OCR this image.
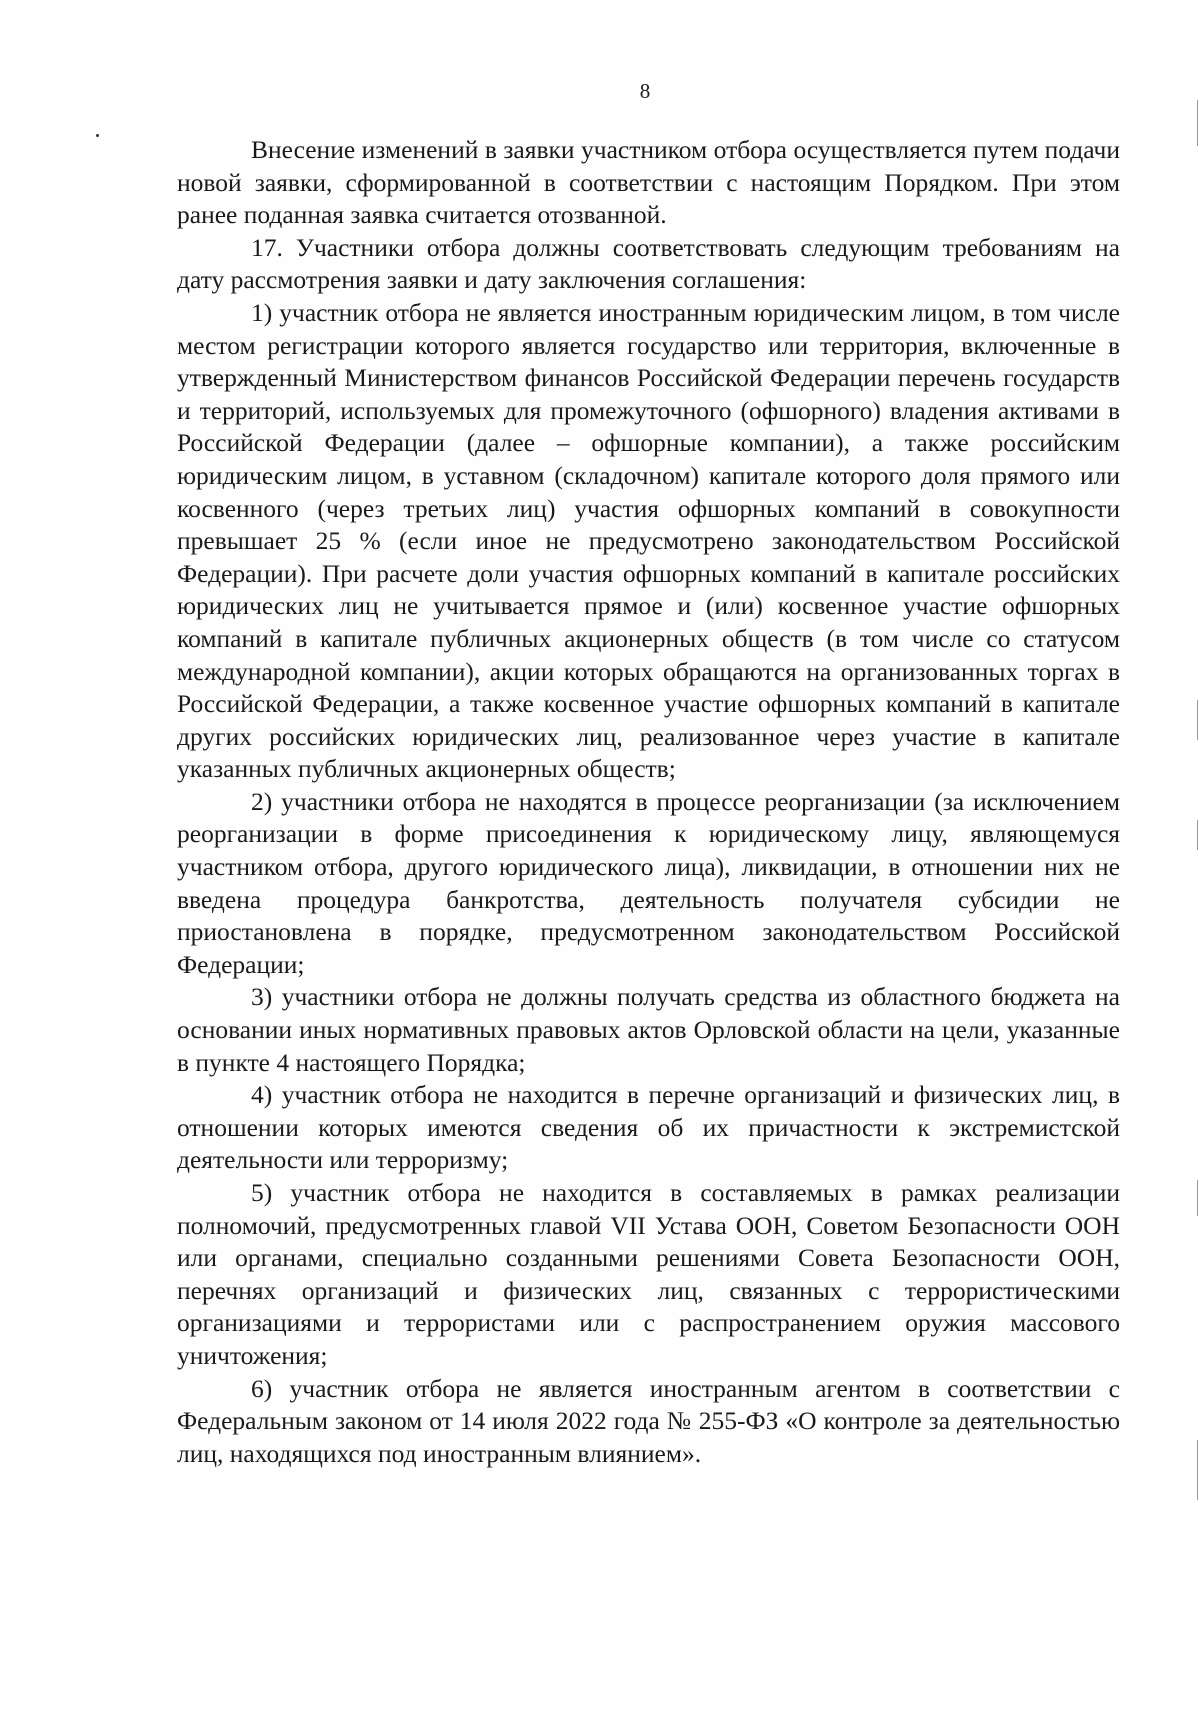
8

Внесение изменений в заявки участником отбора осуществляется путем подачи новой заявки, сформированной в соответствии с настоящим Порядком. При этом ранее поданная заявка считается отозванной.

17. Участники отбора должны соответствовать следующим требованиям на дату рассмотрения заявки и дату заключения соглашения:

1) участник отбора не является иностранным юридическим лицом, в том числе местом регистрации которого является государство или территория, включенные в утвержденный Министерством финансов Российской Федерации перечень государств и территорий, используемых для промежуточного (офшорного) владения активами в Российской Федерации (далее – офшорные компании), а также российским юридическим лицом, в уставном (складочном) капитале которого доля прямого или косвенного (через третьих лиц) участия офшорных компаний в совокупности превышает 25 % (если иное не предусмотрено законодательством Российской Федерации). При расчете доли участия офшорных компаний в капитале российских юридических лиц не учитывается прямое и (или) косвенное участие офшорных компаний в капитале публичных акционерных обществ (в том числе со статусом международной компании), акции которых обращаются на организованных торгах в Российской Федерации, а также косвенное участие офшорных компаний в капитале других российских юридических лиц, реализованное через участие в капитале указанных публичных акционерных обществ;

2) участники отбора не находятся в процессе реорганизации (за исключением реорганизации в форме присоединения к юридическому лицу, являющемуся участником отбора, другого юридического лица), ликвидации, в отношении них не введена процедура банкротства, деятельность получателя субсидии не приостановлена в порядке, предусмотренном законодательством Российской Федерации;

3) участники отбора не должны получать средства из областного бюджета на основании иных нормативных правовых актов Орловской области на цели, указанные в пункте 4 настоящего Порядка;

4) участник отбора не находится в перечне организаций и физических лиц, в отношении которых имеются сведения об их причастности к экстремистской деятельности или терроризму;

5) участник отбора не находится в составляемых в рамках реализации полномочий, предусмотренных главой VII Устава ООН, Советом Безопасности ООН или органами, специально созданными решениями Совета Безопасности ООН, перечнях организаций и физических лиц, связанных с террористическими организациями и террористами или с распространением оружия массового уничтожения;

6) участник отбора не является иностранным агентом в соответствии с Федеральным законом от 14 июля 2022 года № 255-ФЗ «О контроле за деятельностью лиц, находящихся под иностранным влиянием».
